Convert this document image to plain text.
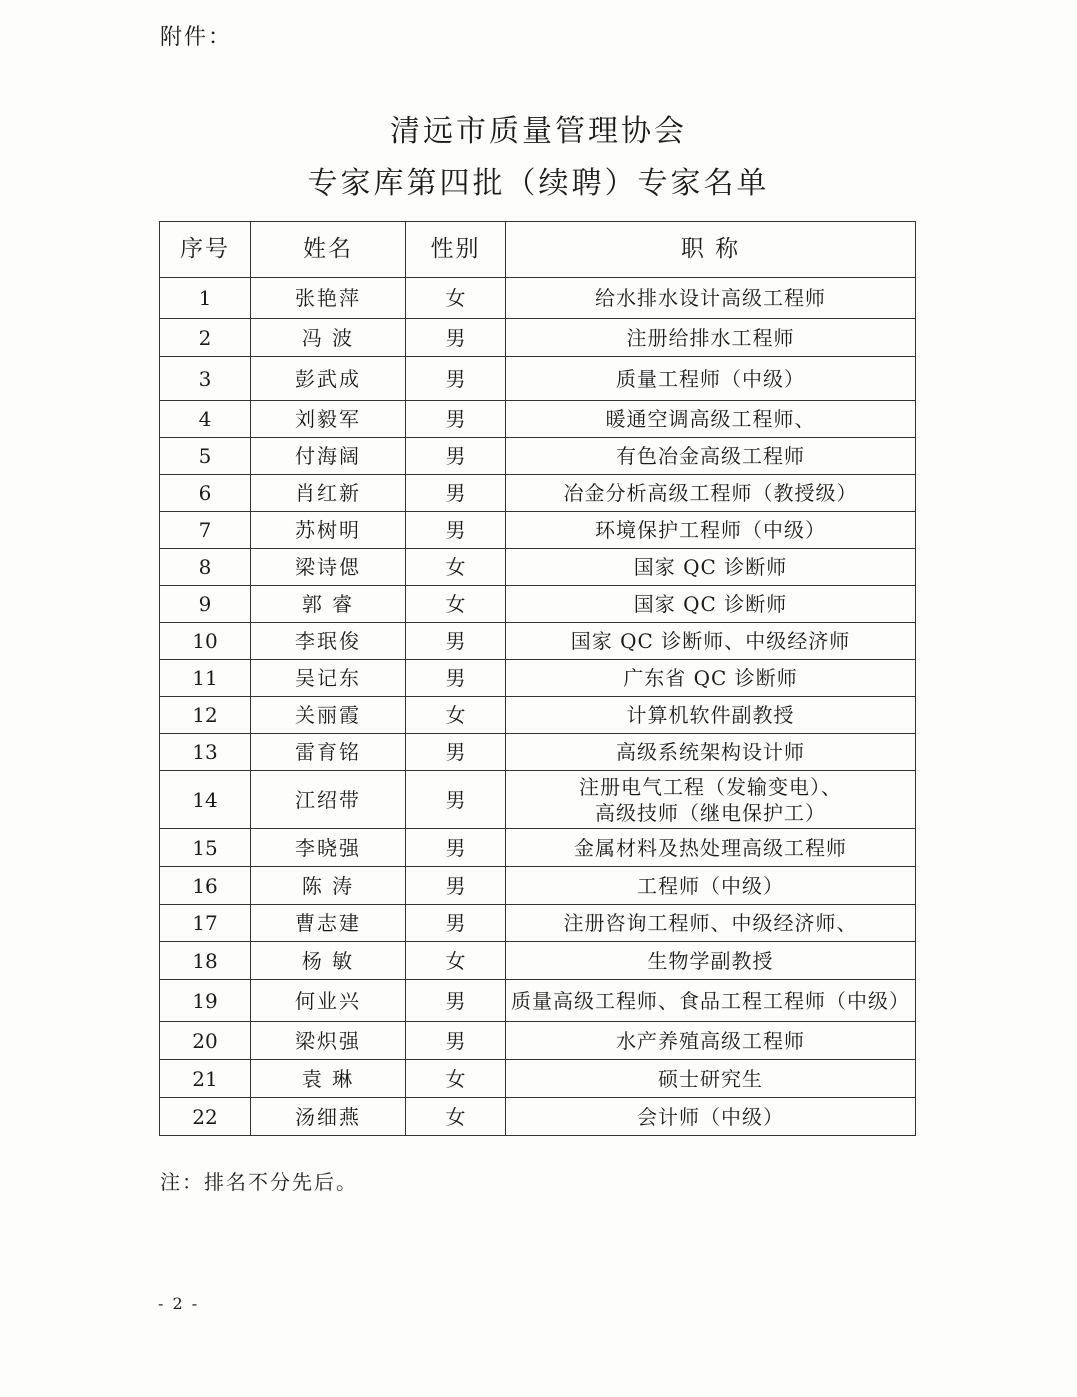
附件：
清远市质量管理协会
专家库第四批（续聘）专家名单
序号	姓名	性别	职 称
1	张艳萍	女	给水排水设计高级工程师
2	冯 波	男	注册给排水工程师
3	彭武成	男	质量工程师（中级）
4	刘毅军	男	暖通空调高级工程师、
5	付海阔	男	有色冶金高级工程师
6	肖红新	男	冶金分析高级工程师（教授级）
7	苏树明	男	环境保护工程师（中级）
8	梁诗偲	女	国家 QC 诊断师
9	郭 睿	女	国家 QC 诊断师
10	李珉俊	男	国家 QC 诊断师、中级经济师
11	吴记东	男	广东省 QC 诊断师
12	关丽霞	女	计算机软件副教授
13	雷育铭	男	高级系统架构设计师
14	江绍带	男	注册电气工程（发输变电）、
高级技师（继电保护工）

15	李晓强	男	金属材料及热处理高级工程师
16	陈 涛	男	工程师（中级）
17	曹志建	男	注册咨询工程师、中级经济师、
18	杨 敏	女	生物学副教授
19	何业兴	男	质量高级工程师、食品工程工程师（中级）
20	梁炽强	男	水产养殖高级工程师
21	袁 琳	女	硕士研究生
22	汤细燕	女	会计师（中级）
注：排名不分先后。
- 2 -
